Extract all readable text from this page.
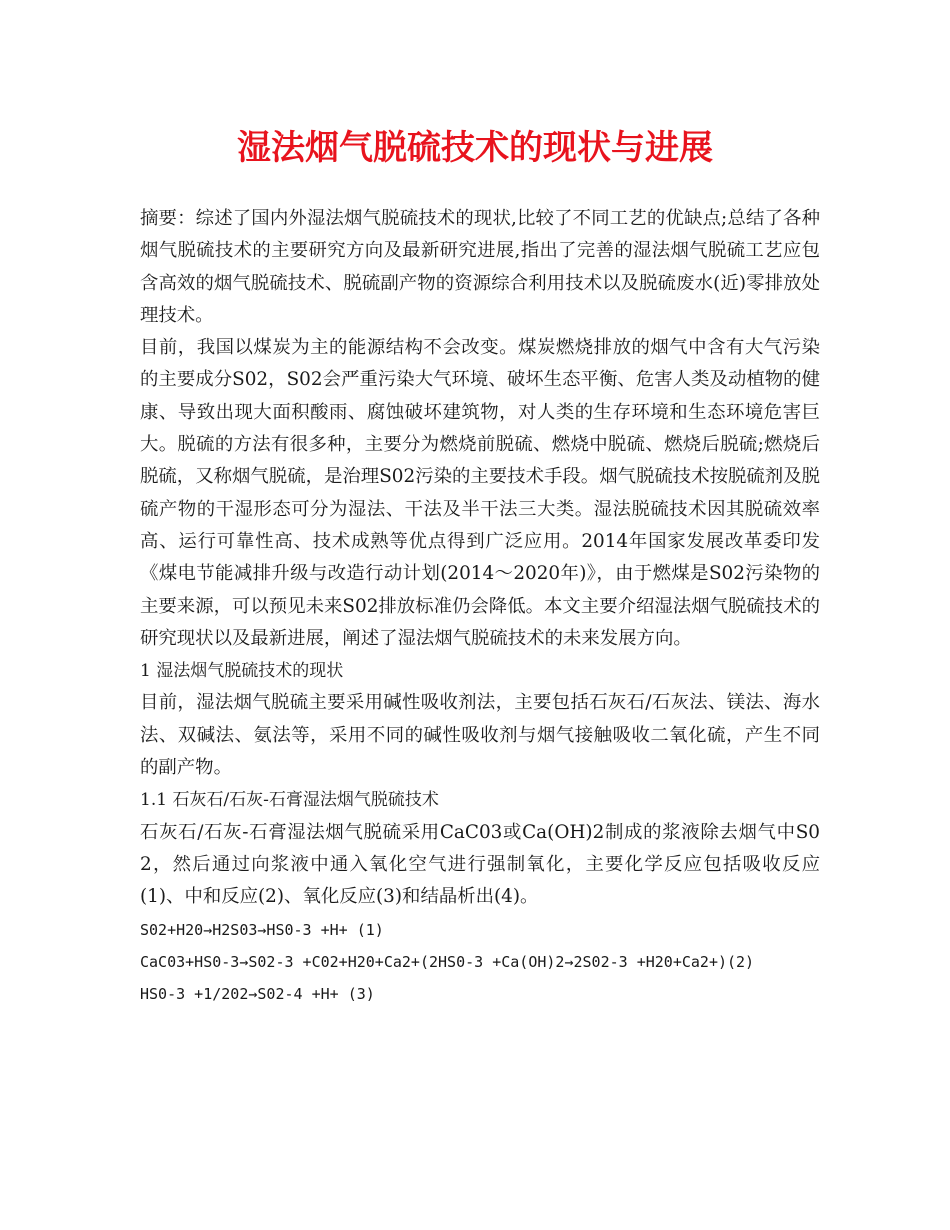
湿法烟气脱硫技术的现状与进展

摘要：综述了国内外湿法烟气脱硫技术的现状,比较了不同工艺的优缺点;总结了各种烟气脱硫技术的主要研究方向及最新研究进展,指出了完善的湿法烟气脱硫工艺应包含高效的烟气脱硫技术、脱硫副产物的资源综合利用技术以及脱硫废水(近)零排放处理技术。

目前，我国以煤炭为主的能源结构不会改变。煤炭燃烧排放的烟气中含有大气污染的主要成分S02，S02会严重污染大气环境、破坏生态平衡、危害人类及动植物的健康、导致出现大面积酸雨、腐蚀破坏建筑物，对人类的生存环境和生态环境危害巨大。脱硫的方法有很多种，主要分为燃烧前脱硫、燃烧中脱硫、燃烧后脱硫;燃烧后脱硫，又称烟气脱硫，是治理S02污染的主要技术手段。烟气脱硫技术按脱硫剂及脱硫产物的干湿形态可分为湿法、干法及半干法三大类。湿法脱硫技术因其脱硫效率高、运行可靠性高、技术成熟等优点得到广泛应用。2014年国家发展改革委印发《煤电节能减排升级与改造行动计划(2014～2020年)》，由于燃煤是S02污染物的主要来源，可以预见未来S02排放标准仍会降低。本文主要介绍湿法烟气脱硫技术的研究现状以及最新进展，阐述了湿法烟气脱硫技术的未来发展方向。

1 湿法烟气脱硫技术的现状

目前，湿法烟气脱硫主要采用碱性吸收剂法，主要包括石灰石/石灰法、镁法、海水法、双碱法、氨法等，采用不同的碱性吸收剂与烟气接触吸收二氧化硫，产生不同的副产物。

1.1 石灰石/石灰-石膏湿法烟气脱硫技术

石灰石/石灰-石膏湿法烟气脱硫采用CaC03或Ca(OH)2制成的浆液除去烟气中S02，然后通过向浆液中通入氧化空气进行强制氧化，主要化学反应包括吸收反应(1)、中和反应(2)、氧化反应(3)和结晶析出(4)。

S02+H20→H2S03→HS0-3 +H+ (1)

CaC03+HS0-3→S02-3 +C02+H20+Ca2+(2HS0-3 +Ca(OH)2→2S02-3 +H20+Ca2+)(2)

HS0-3 +1/202→S02-4 +H+ (3)
